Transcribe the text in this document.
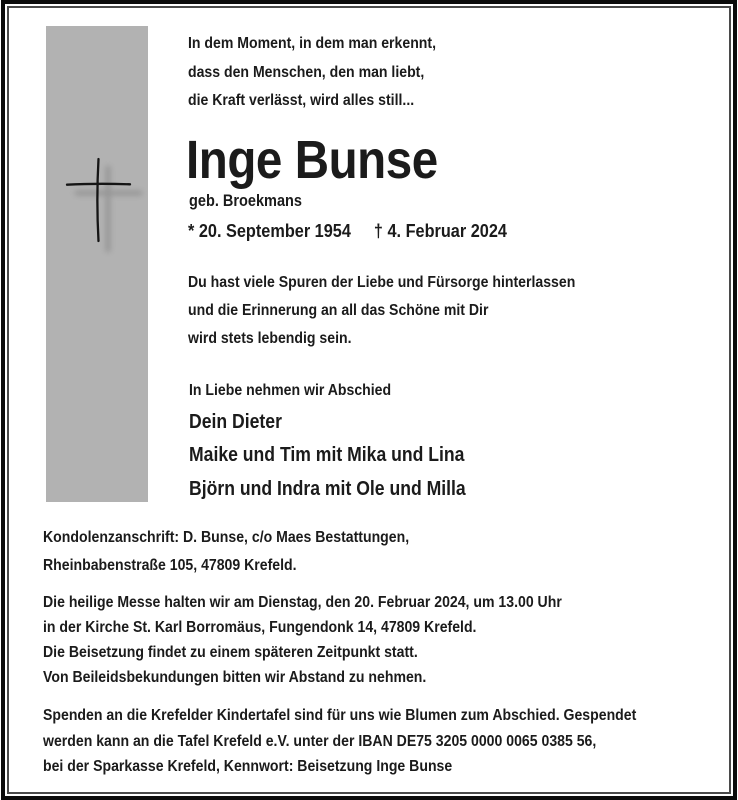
In dem Moment, in dem man erkennt,
dass den Menschen, den man liebt,
die Kraft verlässt, wird alles still...
Inge Bunse
geb. Broekmans
* 20. September 1954 † 4. Februar 2024
Du hast viele Spuren der Liebe und Fürsorge hinterlassen
und die Erinnerung an all das Schöne mit Dir
wird stets lebendig sein.
In Liebe nehmen wir Abschied
Dein Dieter
Maike und Tim mit Mika und Lina
Björn und Indra mit Ole und Milla
Kondolenzanschrift: D. Bunse, c/o Maes Bestattungen,
Rheinbabenstraße 105, 47809 Krefeld.
Die heilige Messe halten wir am Dienstag, den 20. Februar 2024, um 13.00 Uhr
in der Kirche St. Karl Borromäus, Fungendonk 14, 47809 Krefeld.
Die Beisetzung findet zu einem späteren Zeitpunkt statt.
Von Beileidsbekundungen bitten wir Abstand zu nehmen.
Spenden an die Krefelder Kindertafel sind für uns wie Blumen zum Abschied. Gespendet
werden kann an die Tafel Krefeld e.V. unter der IBAN DE75 3205 0000 0065 0385 56,
bei der Sparkasse Krefeld, Kennwort: Beisetzung Inge Bunse
